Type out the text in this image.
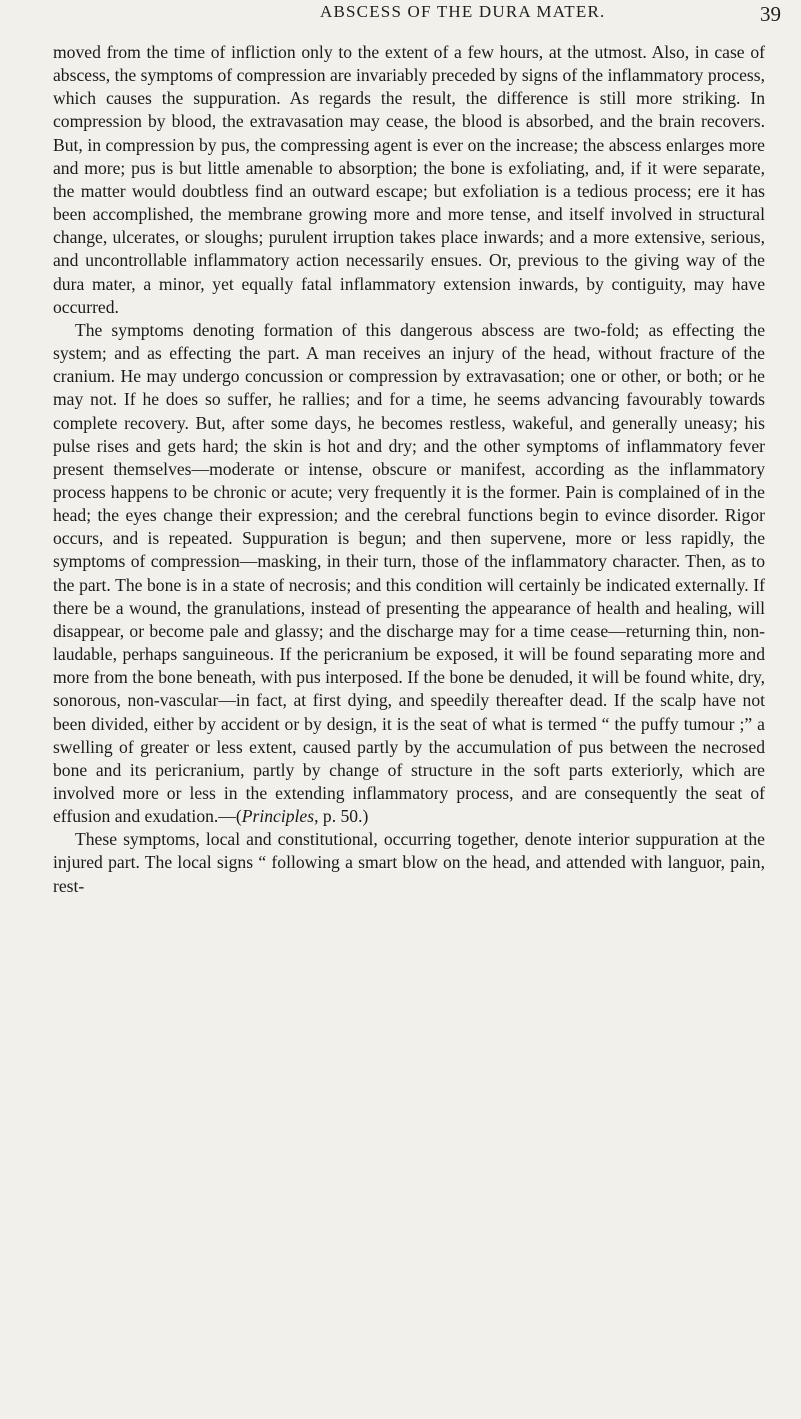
ABSCESS OF THE DURA MATER.	39

moved from the time of infliction only to the extent of a few hours, at the utmost. Also, in case of abscess, the symptoms of compression are invariably preceded by signs of the inflammatory process, which causes the suppuration. As regards the result, the difference is still more striking. In compression by blood, the extravasation may cease, the blood is absorbed, and the brain recovers. But, in compression by pus, the compressing agent is ever on the increase; the abscess enlarges more and more; pus is but little amenable to absorption; the bone is exfoliating, and, if it were separate, the matter would doubtless find an outward escape; but exfoliation is a tedious process; ere it has been accomplished, the membrane growing more and more tense, and itself involved in structural change, ulcerates, or sloughs; purulent irruption takes place inwards; and a more extensive, serious, and uncontrollable inflammatory action necessarily ensues. Or, previous to the giving way of the dura mater, a minor, yet equally fatal inflammatory extension inwards, by contiguity, may have occurred.

The symptoms denoting formation of this dangerous abscess are two-fold; as effecting the system; and as effecting the part. A man receives an injury of the head, without fracture of the cranium. He may undergo concussion or compression by extravasation; one or other, or both; or he may not. If he does so suffer, he rallies; and for a time, he seems advancing favourably towards complete recovery. But, after some days, he becomes restless, wakeful, and generally uneasy; his pulse rises and gets hard; the skin is hot and dry; and the other symptoms of inflammatory fever present themselves—moderate or intense, obscure or manifest, according as the inflammatory process happens to be chronic or acute; very frequently it is the former. Pain is complained of in the head; the eyes change their expression; and the cerebral functions begin to evince disorder. Rigor occurs, and is repeated. Suppuration is begun; and then supervene, more or less rapidly, the symptoms of compression—masking, in their turn, those of the inflammatory character. Then, as to the part. The bone is in a state of necrosis; and this condition will certainly be indicated externally. If there be a wound, the granulations, instead of presenting the appearance of health and healing, will disappear, or become pale and glassy; and the discharge may for a time cease—returning thin, non-laudable, perhaps sanguineous. If the pericranium be exposed, it will be found separating more and more from the bone beneath, with pus interposed. If the bone be denuded, it will be found white, dry, sonorous, non-vascular—in fact, at first dying, and speedily thereafter dead. If the scalp have not been divided, either by accident or by design, it is the seat of what is termed “ the puffy tumour ;” a swelling of greater or less extent, caused partly by the accumulation of pus between the necrosed bone and its pericranium, partly by change of structure in the soft parts exteriorly, which are involved more or less in the extending inflammatory process, and are consequently the seat of effusion and exudation.—(Principles, p. 50.)

These symptoms, local and constitutional, occurring together, denote interior suppuration at the injured part. The local signs “ following a smart blow on the head, and attended with languor, pain, rest-
